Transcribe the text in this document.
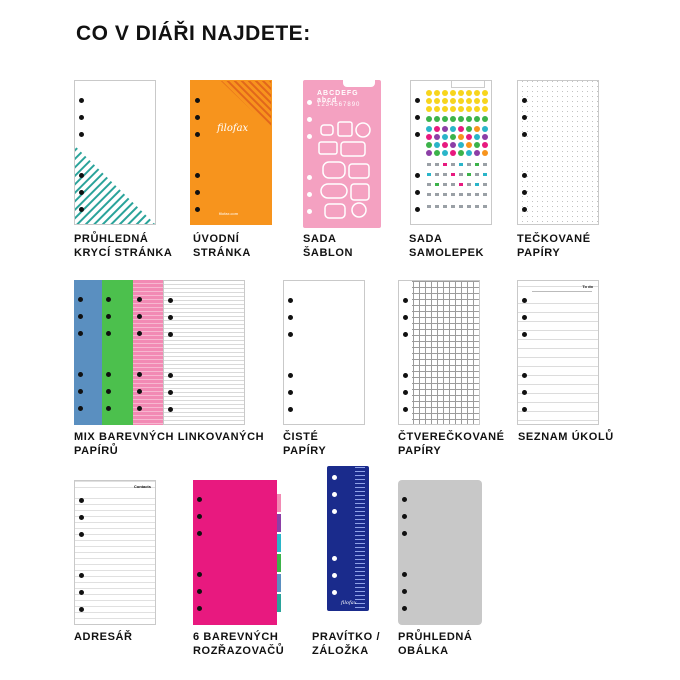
CO V DIÁŘI NAJDETE:
PRŮHLEDNÁ
KRYCÍ STRÁNKA
filofax
filofax.com
ÚVODNÍ
STRÁNKA
ABCDEFG abcd
1234567890
SADA
ŠABLON
SADA
SAMOLEPEK
TEČKOVANÉ
PAPÍRY
MIX BAREVNÝCH LINKOVANÝCH
PAPÍRŮ
ČISTÉ
PAPÍRY
ČTVEREČKOVANÉ
PAPÍRY
To do
SEZNAM ÚKOLŮ
Contacts
ADRESÁŘ	6 BAREVNÝCH
ROZŘAZOVAČŮ
filofax
PRAVÍTKO /
ZÁLOŽKA
PRŮHLEDNÁ
OBÁLKA
